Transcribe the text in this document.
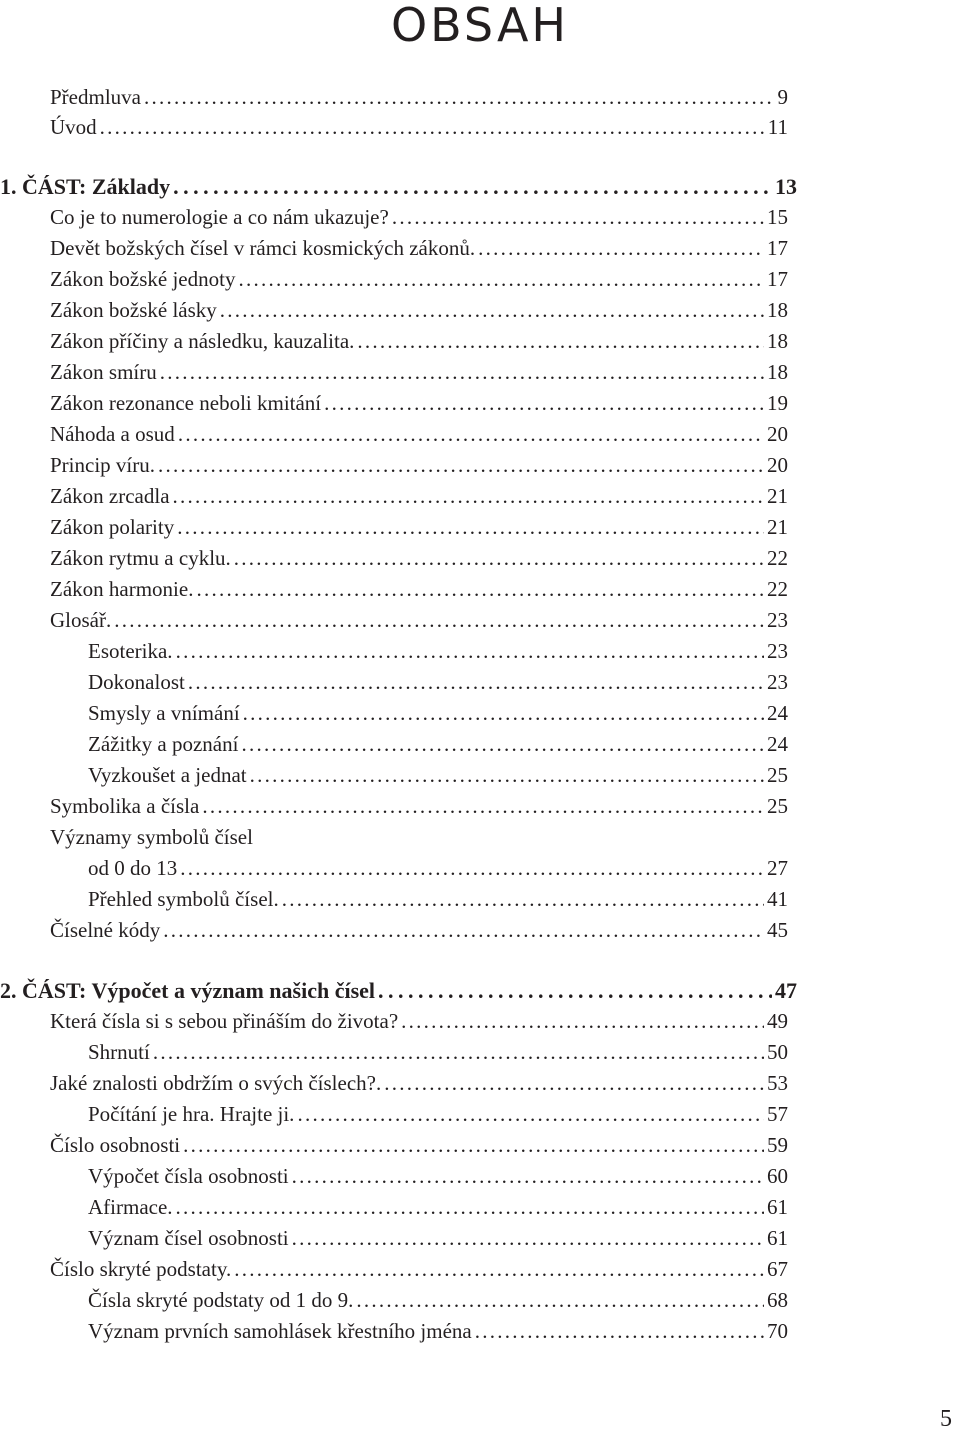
OBSAH
Předmluva . . .	9
Úvod . . .	11
1. ČÁST: Základy . . .	13
Co je to numerologie a co nám ukazuje? . . .	15
Devět božských čísel v rámci kosmických zákonů. . . .	17
Zákon božské jednoty . . .	17
Zákon božské lásky . . .	18
Zákon příčiny a následku, kauzalita. . . .	18
Zákon smíru . . .	18
Zákon rezonance neboli kmitání . . .	19
Náhoda a osud . . .	20
Princip víru. . . .	20
Zákon zrcadla . . .	21
Zákon polarity . . .	21
Zákon rytmu a cyklu. . . .	22
Zákon harmonie. . . .	22
Glosář. . . .	23
Esoterika. . . .	23
Dokonalost . . .	23
Smysly a vnímání . . .	24
Zážitky a poznání . . .	24
Vyzkoušet a jednat . . .	25
Symbolika a čísla . . .	25
Významy symbolů čísel
od 0 do 13 . . .	27
Přehled symbolů čísel. . . .	41
Číselné kódy . . .	45
2. ČÁST: Výpočet a význam našich čísel . . .	47
Která čísla si s sebou přináším do života? . . .	49
Shrnutí . . .	50
Jaké znalosti obdržím o svých číslech?. . . .	53
Počítání je hra. Hrajte ji. . . .	57
Číslo osobnosti . . .	59
Výpočet čísla osobnosti . . .	60
Afirmace. . . .	61
Význam čísel osobnosti . . .	61
Číslo skryté podstaty. . . .	67
Čísla skryté podstaty od 1 do 9. . . .	68
Význam prvních samohlásek křestního jména . . .	70
5
